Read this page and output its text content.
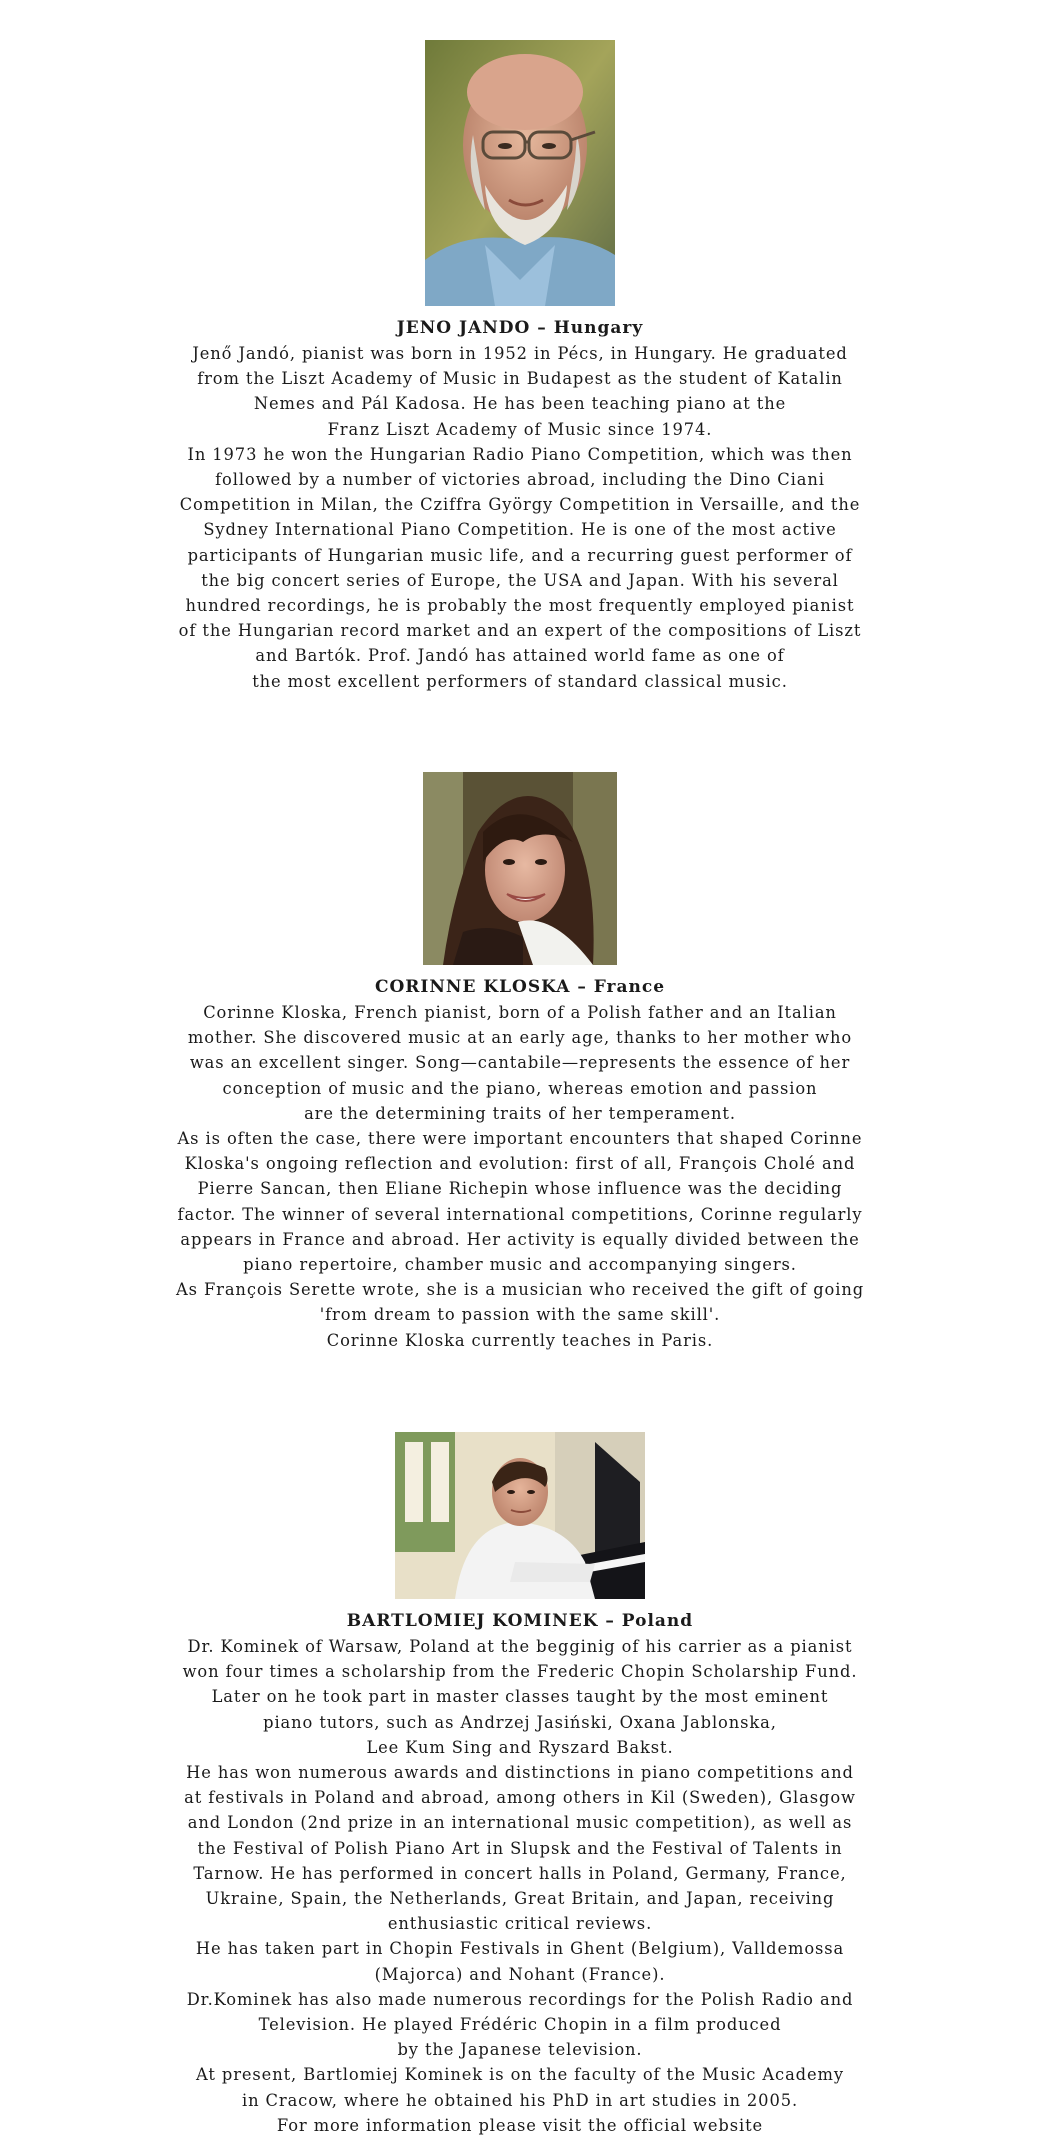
JENO JANDO – Hungary

Jenő Jandó, pianist was born in 1952 in Pécs, in Hungary. He graduated
from the Liszt Academy of Music in Budapest as the student of Katalin
Nemes and Pál Kadosa. He has been teaching piano at the
Franz Liszt Academy of Music since 1974.

In 1973 he won the Hungarian Radio Piano Competition, which was then
followed by a number of victories abroad, including the Dino Ciani
Competition in Milan, the Cziffra György Competition in Versaille, and the
Sydney International Piano Competition. He is one of the most active
participants of Hungarian music life, and a recurring guest performer of
the big concert series of Europe, the USA and Japan. With his several
hundred recordings, he is probably the most frequently employed pianist
of the Hungarian record market and an expert of the compositions of Liszt
and Bartók. Prof. Jandó has attained world fame as one of
the most excellent performers of standard classical music.

CORINNE KLOSKA – France

Corinne Kloska, French pianist, born of a Polish father and an Italian
mother. She discovered music at an early age, thanks to her mother who
was an excellent singer. Song—cantabile—represents the essence of her
conception of music and the piano, whereas emotion and passion
are the determining traits of her temperament.

As is often the case, there were important encounters that shaped Corinne
Kloska's ongoing reflection and evolution: first of all, François Cholé and
Pierre Sancan, then Eliane Richepin whose influence was the deciding
factor. The winner of several international competitions, Corinne regularly
appears in France and abroad. Her activity is equally divided between the
piano repertoire, chamber music and accompanying singers.

As François Serette wrote, she is a musician who received the gift of going
'from dream to passion with the same skill'.

Corinne Kloska currently teaches in Paris.

BARTLOMIEJ KOMINEK – Poland

Dr. Kominek of Warsaw, Poland at the begginig of his carrier as a pianist
won four times a scholarship from the Frederic Chopin Scholarship Fund.
Later on he took part in master classes taught by the most eminent
piano tutors, such as Andrzej Jasiński, Oxana Jablonska,
Lee Kum Sing and Ryszard Bakst.

He has won numerous awards and distinctions in piano competitions and
at festivals in Poland and abroad, among others in Kil (Sweden), Glasgow
and London (2nd prize in an international music competition), as well as
the Festival of Polish Piano Art in Slupsk and the Festival of Talents in
Tarnow. He has performed in concert halls in Poland, Germany, France,
Ukraine, Spain, the Netherlands, Great Britain, and Japan, receiving
enthusiastic critical reviews.

He has taken part in Chopin Festivals in Ghent (Belgium), Valldemossa
(Majorca) and Nohant (France).

Dr.Kominek has also made numerous recordings for the Polish Radio and
Television. He played Frédéric Chopin in a film produced
by the Japanese television.

At present, Bartlomiej Kominek is on the faculty of the Music Academy
in Cracow, where he obtained his PhD in art studies in 2005.

For more information please visit the official website
